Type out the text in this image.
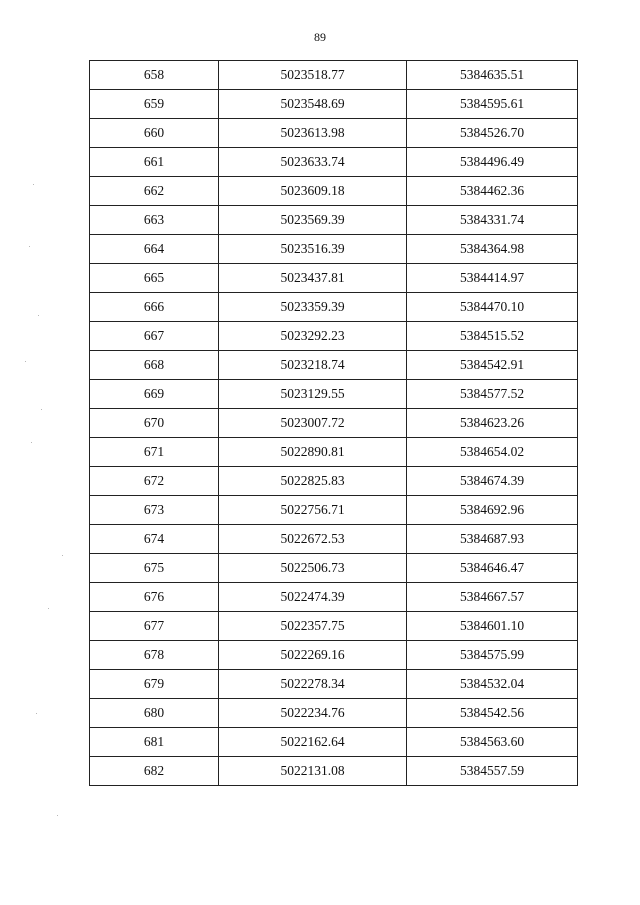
89
658	5023518.77	5384635.51
659	5023548.69	5384595.61
660	5023613.98	5384526.70
661	5023633.74	5384496.49
662	5023609.18	5384462.36
663	5023569.39	5384331.74
664	5023516.39	5384364.98
665	5023437.81	5384414.97
666	5023359.39	5384470.10
667	5023292.23	5384515.52
668	5023218.74	5384542.91
669	5023129.55	5384577.52
670	5023007.72	5384623.26
671	5022890.81	5384654.02
672	5022825.83	5384674.39
673	5022756.71	5384692.96
674	5022672.53	5384687.93
675	5022506.73	5384646.47
676	5022474.39	5384667.57
677	5022357.75	5384601.10
678	5022269.16	5384575.99
679	5022278.34	5384532.04
680	5022234.76	5384542.56
681	5022162.64	5384563.60
682	5022131.08	5384557.59
